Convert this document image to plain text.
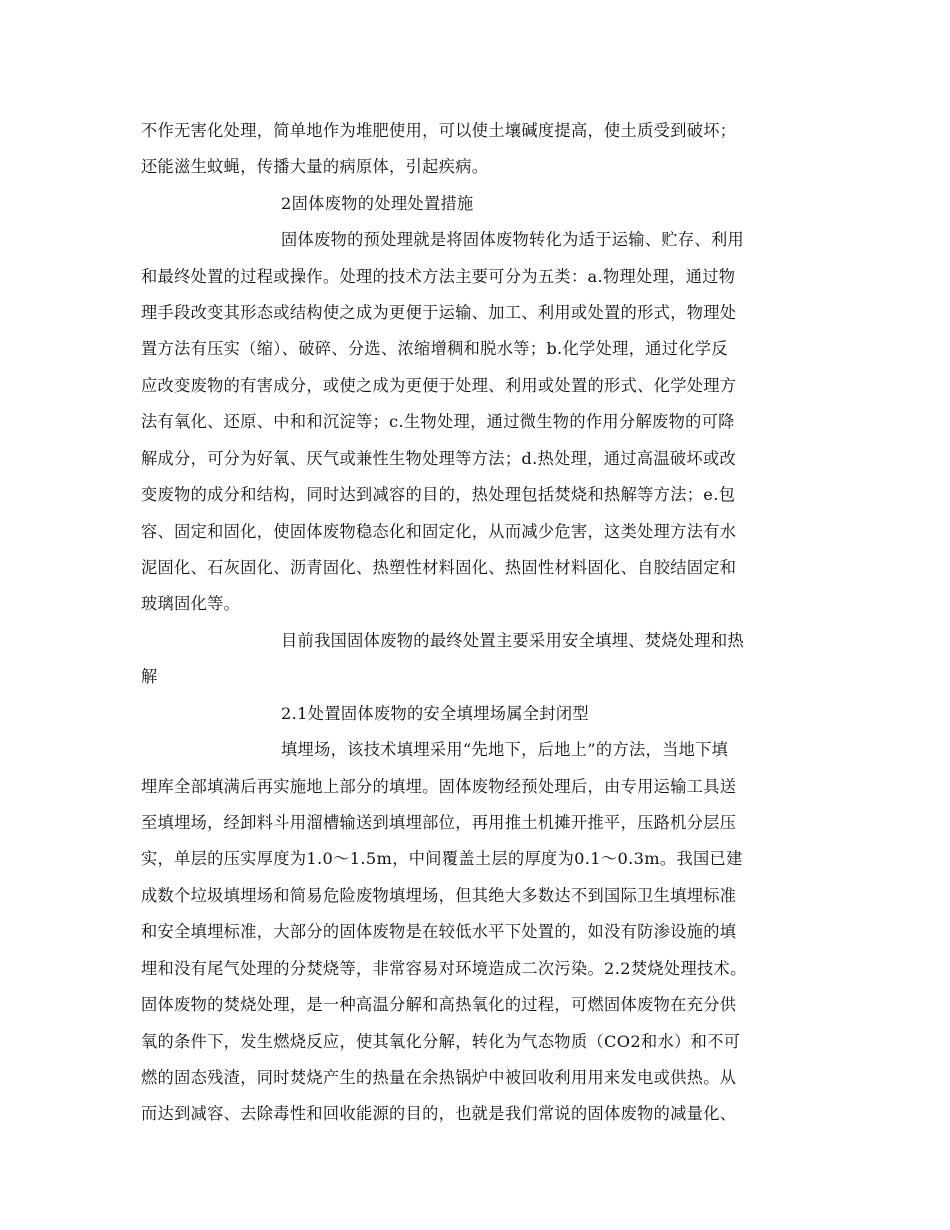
不作无害化处理，简单地作为堆肥使用，可以使土壤碱度提高，使土质受到破坏；
还能滋生蚊蝇，传播大量的病原体，引起疾病。
2固体废物的处理处置措施
固体废物的预处理就是将固体废物转化为适于运输、贮存、利用
和最终处置的过程或操作。处理的技术方法主要可分为五类：a.物理处理，通过物
理手段改变其形态或结构使之成为更便于运输、加工、利用或处置的形式，物理处
置方法有压实（缩）、破碎、分选、浓缩增稠和脱水等；b.化学处理，通过化学反
应改变废物的有害成分，或使之成为更便于处理、利用或处置的形式、化学处理方
法有氧化、还原、中和和沉淀等；c.生物处理，通过微生物的作用分解废物的可降
解成分，可分为好氧、厌气或兼性生物处理等方法；d.热处理，通过高温破坏或改
变废物的成分和结构，同时达到减容的目的，热处理包括焚烧和热解等方法；e.包
容、固定和固化，使固体废物稳态化和固定化，从而减少危害，这类处理方法有水
泥固化、石灰固化、沥青固化、热塑性材料固化、热固性材料固化、自胶结固定和
玻璃固化等。
目前我国固体废物的最终处置主要采用安全填埋、焚烧处理和热
解
2.1处置固体废物的安全填埋场属全封闭型
填埋场，该技术填埋采用“先地下，后地上”的方法，当地下填
埋库全部填满后再实施地上部分的填埋。固体废物经预处理后，由专用运输工具送
至填埋场，经卸料斗用溜槽输送到填埋部位，再用推土机摊开推平，压路机分层压
实，单层的压实厚度为1.0～1.5m，中间覆盖土层的厚度为0.1～0.3m。我国已建
成数个垃圾填埋场和简易危险废物填埋场，但其绝大多数达不到国际卫生填埋标准
和安全填埋标准，大部分的固体废物是在较低水平下处置的，如没有防渗设施的填
埋和没有尾气处理的分焚烧等，非常容易对环境造成二次污染。2.2焚烧处理技术。
固体废物的焚烧处理，是一种高温分解和高热氧化的过程，可燃固体废物在充分供
氧的条件下，发生燃烧反应，使其氧化分解，转化为气态物质（CO2和水）和不可
燃的固态残渣，同时焚烧产生的热量在余热锅炉中被回收利用用来发电或供热。从
而达到减容、去除毒性和回收能源的目的，也就是我们常说的固体废物的减量化、
